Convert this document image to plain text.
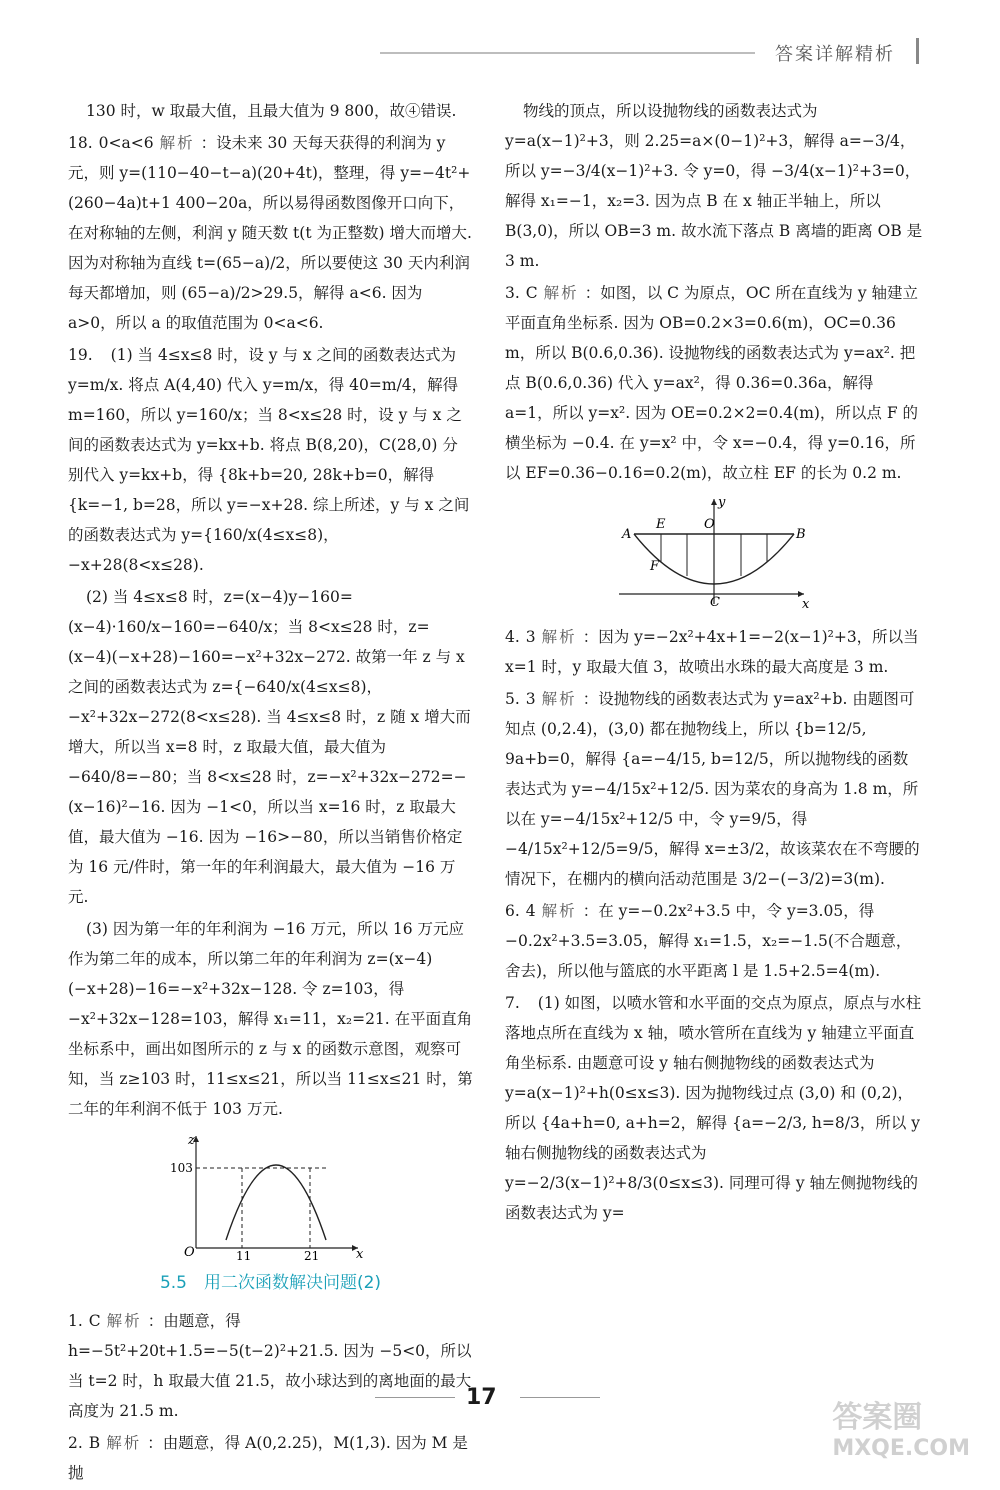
答案详解精析
130 时，w 取最大值，且最大值为 9 800，故④错误.
18. 0<a<6 解析 ：设未来 30 天每天获得的利润为 y 元，则 y=(110−40−t−a)(20+4t)，整理，得 y=−4t²+(260−4a)t+1 400−20a，所以易得函数图像开口向下，在对称轴的左侧，利润 y 随天数 t(t 为正整数) 增大而增大. 因为对称轴为直线 t=(65−a)/2，所以要使这 30 天内利润每天都增加，则 (65−a)/2>29.5，解得 a<6. 因为 a>0，所以 a 的取值范围为 0<a<6.
19. (1) 当 4≤x≤8 时，设 y 与 x 之间的函数表达式为 y=m/x. 将点 A(4,40) 代入 y=m/x，得 40=m/4，解得 m=160，所以 y=160/x；当 8<x≤28 时，设 y 与 x 之间的函数表达式为 y=kx+b. 将点 B(8,20)，C(28,0) 分别代入 y=kx+b，得 {8k+b=20, 28k+b=0，解得 {k=−1, b=28，所以 y=−x+28. 综上所述，y 与 x 之间的函数表达式为 y={160/x(4≤x≤8)，−x+28(8<x≤28).
(2) 当 4≤x≤8 时，z=(x−4)y−160=(x−4)·160/x−160=−640/x；当 8<x≤28 时，z=(x−4)(−x+28)−160=−x²+32x−272. 故第一年 z 与 x 之间的函数表达式为 z={−640/x(4≤x≤8)，−x²+32x−272(8<x≤28). 当 4≤x≤8 时，z 随 x 增大而增大，所以当 x=8 时，z 取最大值，最大值为 −640/8=−80；当 8<x≤28 时，z=−x²+32x−272=−(x−16)²−16. 因为 −1<0，所以当 x=16 时，z 取最大值，最大值为 −16. 因为 −16>−80，所以当销售价格定为 16 元/件时，第一年的年利润最大，最大值为 −16 万元.
(3) 因为第一年的年利润为 −16 万元，所以 16 万元应作为第二年的成本，所以第二年的年利润为 z=(x−4)(−x+28)−16=−x²+32x−128. 令 z=103，得 −x²+32x−128=103，解得 x₁=11，x₂=21. 在平面直角坐标系中，画出如图所示的 z 与 x 的函数示意图，观察可知，当 z≥103 时，11≤x≤21，所以当 11≤x≤21 时，第二年的年利润不低于 103 万元.
z
x
O
103
11	21
5.5　用二次函数解决问题(2)
1. C 解析 ：由题意，得 h=−5t²+20t+1.5=−5(t−2)²+21.5. 因为 −5<0，所以当 t=2 时，h 取最大值 21.5，故小球达到的离地面的最大高度为 21.5 m.
2. B 解析 ：由题意，得 A(0,2.25)，M(1,3). 因为 M 是抛
物线的顶点，所以设抛物线的函数表达式为 y=a(x−1)²+3，则 2.25=a×(0−1)²+3，解得 a=−3/4，所以 y=−3/4(x−1)²+3. 令 y=0，得 −3/4(x−1)²+3=0，解得 x₁=−1，x₂=3. 因为点 B 在 x 轴正半轴上，所以 B(3,0)，所以 OB=3 m. 故水流下落点 B 离墙的距离 OB 是 3 m.
3. C 解析 ：如图，以 C 为原点，OC 所在直线为 y 轴建立平面直角坐标系. 因为 OB=0.2×3=0.6(m)，OC=0.36 m，所以 B(0.6,0.36). 设抛物线的函数表达式为 y=ax². 把点 B(0.6,0.36) 代入 y=ax²，得 0.36=0.36a，解得 a=1，所以 y=x². 因为 OE=0.2×2=0.4(m)，所以点 F 的横坐标为 −0.4. 在 y=x² 中，令 x=−0.4，得 y=0.16，所以 EF=0.36−0.16=0.2(m)，故立柱 EF 的长为 0.2 m.
y
x
A
E	O
B
F
C
4. 3 解析 ：因为 y=−2x²+4x+1=−2(x−1)²+3，所以当 x=1 时，y 取最大值 3，故喷出水珠的最大高度是 3 m.
5. 3 解析 ：设抛物线的函数表达式为 y=ax²+b. 由题图可知点 (0,2.4)，(3,0) 都在抛物线上，所以 {b=12/5, 9a+b=0，解得 {a=−4/15, b=12/5，所以抛物线的函数表达式为 y=−4/15x²+12/5. 因为菜农的身高为 1.8 m，所以在 y=−4/15x²+12/5 中，令 y=9/5，得 −4/15x²+12/5=9/5，解得 x=±3/2，故该菜农在不弯腰的情况下，在棚内的横向活动范围是 3/2−(−3/2)=3(m).
6. 4 解析 ：在 y=−0.2x²+3.5 中，令 y=3.05，得 −0.2x²+3.5=3.05，解得 x₁=1.5，x₂=−1.5(不合题意，舍去)，所以他与篮底的水平距离 l 是 1.5+2.5=4(m).
7. (1) 如图，以喷水管和水平面的交点为原点，原点与水柱落地点所在直线为 x 轴，喷水管所在直线为 y 轴建立平面直角坐标系. 由题意可设 y 轴右侧抛物线的函数表达式为 y=a(x−1)²+h(0≤x≤3). 因为抛物线过点 (3,0) 和 (0,2)，所以 {4a+h=0, a+h=2，解得 {a=−2/3, h=8/3，所以 y 轴右侧抛物线的函数表达式为 y=−2/3(x−1)²+8/3(0≤x≤3). 同理可得 y 轴左侧抛物线的函数表达式为 y=
17
答案圈
MXQE.COM
